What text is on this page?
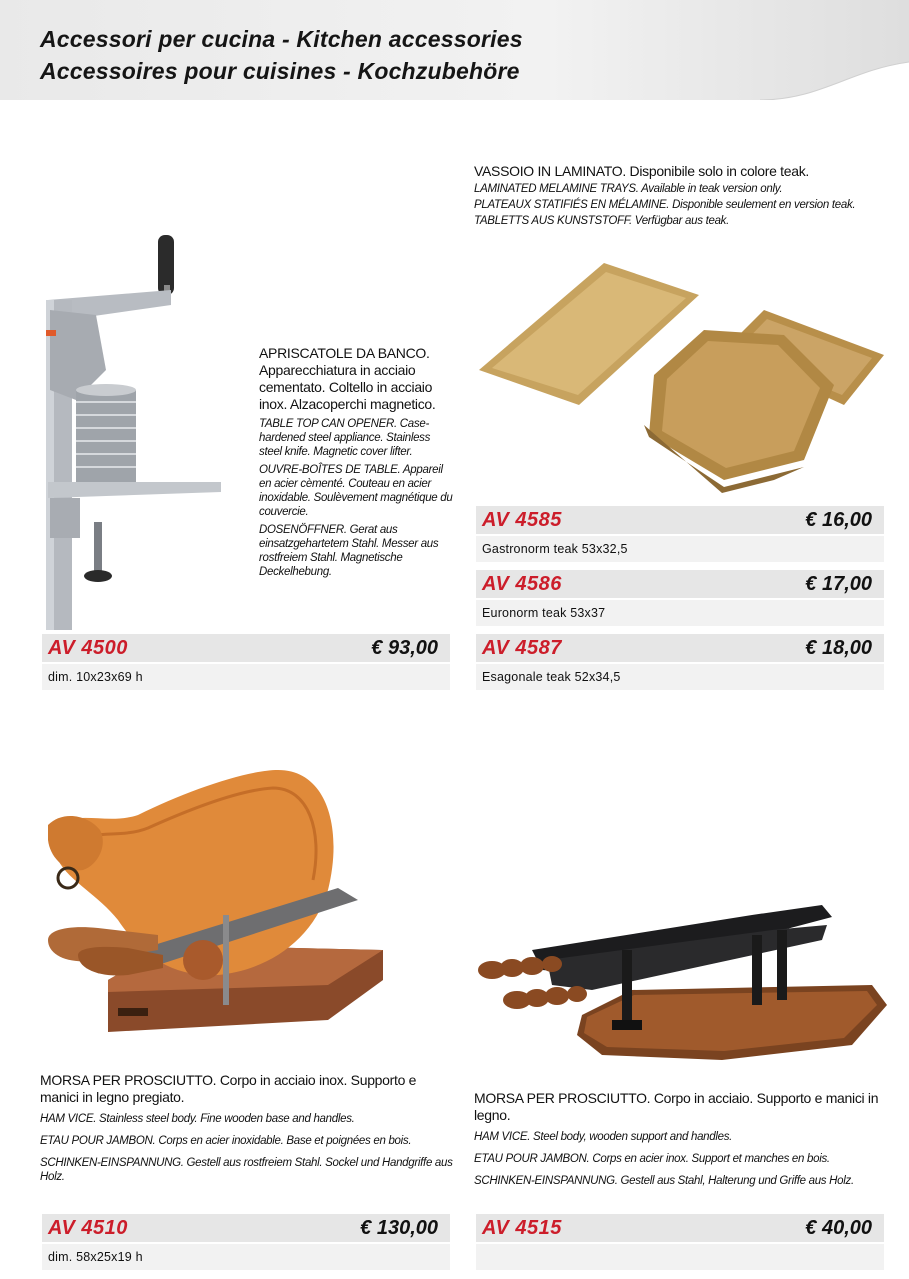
Accessori per cucina - Kitchen accessories
Accessoires pour cuisines - Kochzubehöre
APRISCATOLE DA BANCO. Apparecchiatura in acciaio cementato. Coltello in acciaio inox. Alzacoperchi magnetico.
TABLE TOP CAN OPENER. Case-hardened steel appliance. Stainless steel knife. Magnetic cover lifter.
OUVRE-BOÎTES DE TABLE. Appareil en acier cèmenté. Couteau en acier inoxidable. Soulèvement magnétique du couvercie.
DOSENÖFFNER. Gerat aus einsatzgehartetem Stahl. Messer aus rostfreiem Stahl. Magnetische Deckelhebung.
AV 4500	€ 93,00
dim. 10x23x69 h
VASSOIO IN LAMINATO. Disponibile solo in colore teak.
LAMINATED MELAMINE TRAYS. Available in teak version only.
PLATEAUX STATIFIÉS EN MÉLAMINE. Disponible seulement en version teak.
TABLETTS AUS KUNSTSTOFF. Verfügbar aus teak.
AV 4585	€ 16,00
Gastronorm teak 53x32,5
AV 4586	€ 17,00
Euronorm teak 53x37
AV 4587	€ 18,00
Esagonale teak 52x34,5
MORSA PER PROSCIUTTO. Corpo in acciaio inox. Supporto e manici in legno pregiato.
HAM VICE. Stainless steel body. Fine wooden base and handles.
ETAU POUR JAMBON. Corps en acier inoxidable. Base et poignées en bois.
SCHINKEN-EINSPANNUNG. Gestell aus rostfreiem Stahl. Sockel und Handgriffe aus Holz.
AV 4510	€ 130,00
dim. 58x25x19 h
MORSA PER PROSCIUTTO. Corpo in acciaio. Supporto e manici in legno.
HAM VICE. Steel body, wooden support and handles.
ETAU POUR JAMBON. Corps en acier inox. Support et manches en bois.
SCHINKEN-EINSPANNUNG. Gestell aus Stahl, Halterung und Griffe aus Holz.
AV 4515	€ 40,00
